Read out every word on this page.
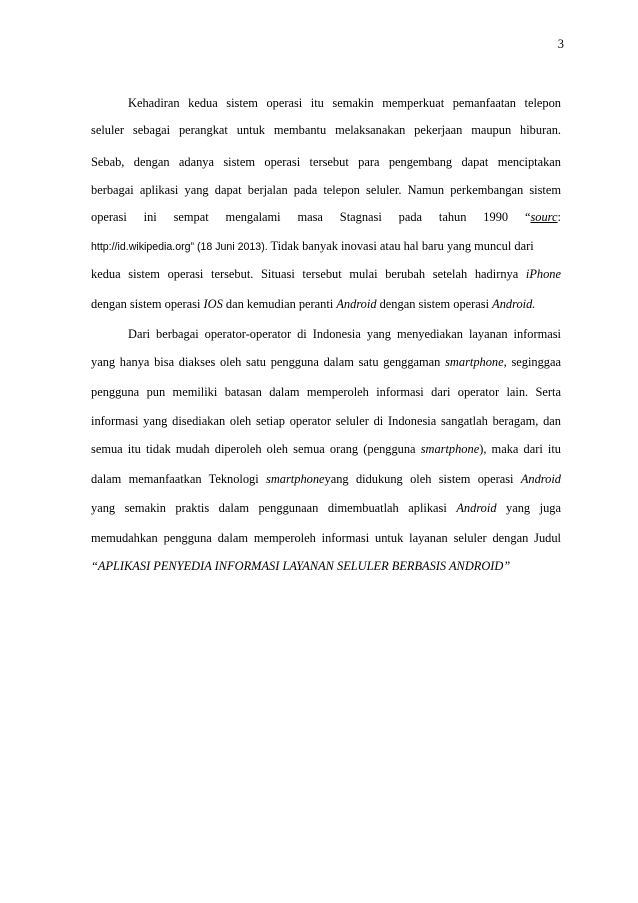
3
Kehadiran kedua sistem operasi itu semakin memperkuat pemanfaatan telepon
seluler sebagai perangkat untuk membantu melaksanakan pekerjaan maupun hiburan.
Sebab, dengan adanya sistem operasi tersebut para pengembang dapat menciptakan
berbagai aplikasi yang dapat berjalan pada telepon seluler. Namun perkembangan sistem
operasi ini sempat mengalami masa Stagnasi pada tahun 1990 “sourc:
http://id.wikipedia.org” (18 Juni 2013). Tidak banyak inovasi atau hal baru yang muncul dari
kedua sistem operasi tersebut. Situasi tersebut mulai berubah setelah hadirnya iPhone
dengan sistem operasi IOS dan kemudian peranti Android dengan sistem operasi Android.
Dari berbagai operator-operator di Indonesia yang menyediakan layanan informasi
yang hanya bisa diakses oleh satu pengguna dalam satu genggaman smartphone, seginggaa
pengguna pun memiliki batasan dalam memperoleh informasi dari operator lain. Serta
informasi yang disediakan oleh setiap operator seluler di Indonesia sangatlah beragam, dan
semua itu tidak mudah diperoleh oleh semua orang (pengguna smartphone), maka dari itu
dalam memanfaatkan Teknologi smartphoneyang didukung oleh sistem operasi Android
yang semakin praktis dalam penggunaan dimembuatlah aplikasi Android yang juga
memudahkan pengguna dalam memperoleh informasi untuk layanan seluler dengan Judul
“APLIKASI PENYEDIA INFORMASI LAYANAN SELULER BERBASIS ANDROID”
